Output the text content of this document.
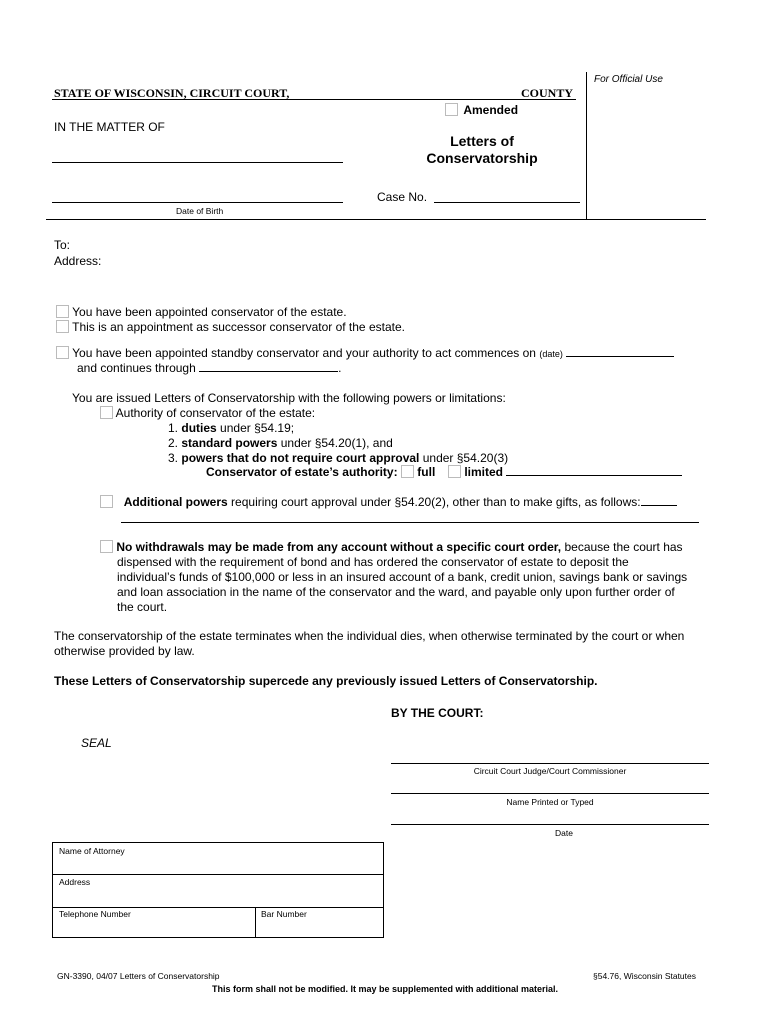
For Official Use
STATE OF WISCONSIN, CIRCUIT COURT,	COUNTY
Amended
IN THE MATTER OF
Letters of
Conservatorship
Date of Birth
Case No.
To:
Address:
You have been appointed conservator of the estate.
This is an appointment as successor conservator of the estate.
You have been appointed standby conservator and your authority to act commences on (date)
and continues through	.
You are issued Letters of Conservatorship with the following powers or limitations:
Authority of conservator of the estate:
1. duties under §54.19;
2. standard powers under §54.20(1), and
3. powers that do not require court approval under §54.20(3)
Conservator of estate’s authority: full limited
Additional powers requiring court approval under §54.20(2), other than to make gifts, as follows:
No withdrawals may be made from any account without a specific court order, because the court has
dispensed with the requirement of bond and has ordered the conservator of estate to deposit the
individual’s funds of $100,000 or less in an insured account of a bank, credit union, savings bank or savings
and loan association in the name of the conservator and the ward, and payable only upon further order of
the court.
The conservatorship of the estate terminates when the individual dies, when otherwise terminated by the court or when
otherwise provided by law.
These Letters of Conservatorship supercede any previously issued Letters of Conservatorship.
BY THE COURT:
SEAL
Circuit Court Judge/Court Commissioner
Name Printed or Typed
Date
Name of Attorney
Address
Telephone Number	Bar Number
GN-3390, 04/07 Letters of Conservatorship	§54.76, Wisconsin Statutes
This form shall not be modified. It may be supplemented with additional material.
